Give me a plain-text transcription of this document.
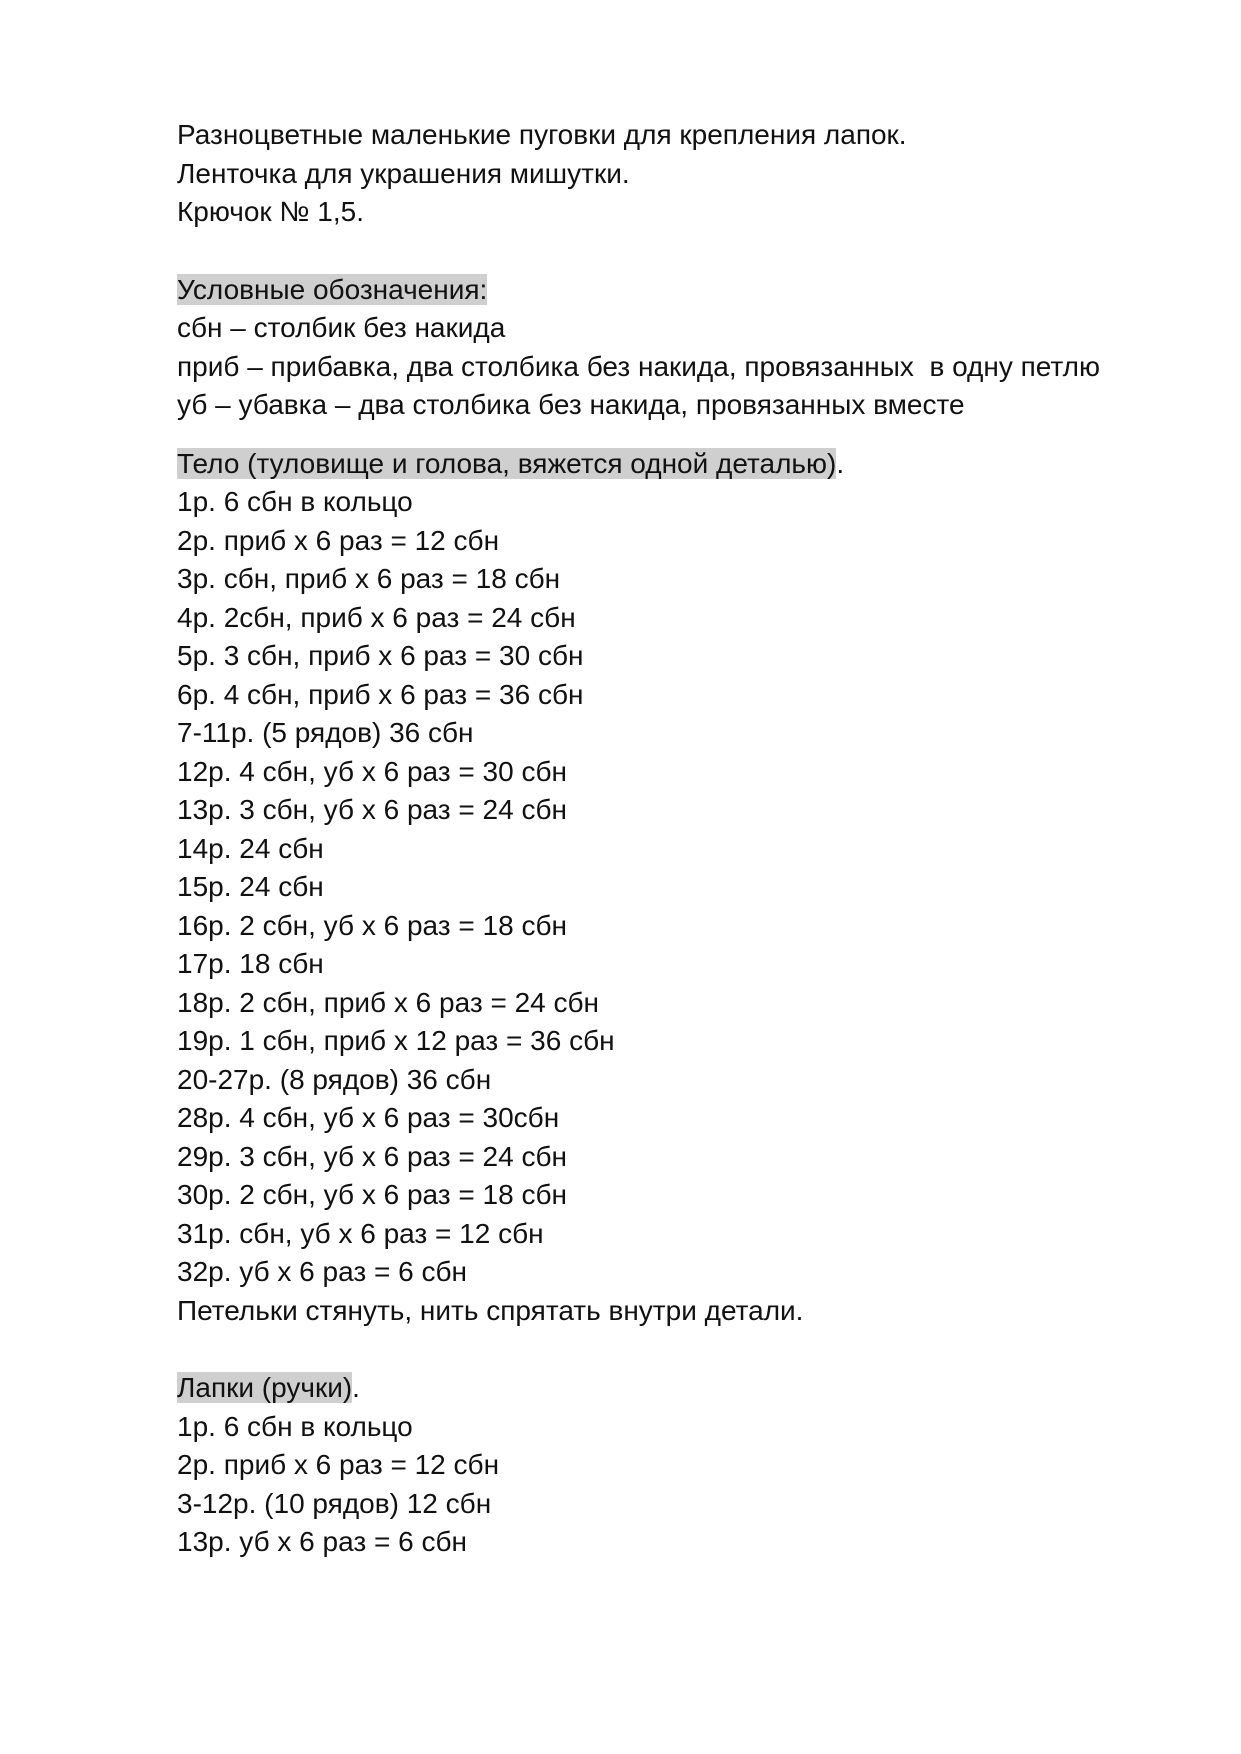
Разноцветные маленькие пуговки для крепления лапок.
Ленточка для украшения мишутки.
Крючок № 1,5.
Условные обозначения:
сбн – столбик без накида
приб – прибавка, два столбика без накида, провязанных  в одну петлю
уб – убавка – два столбика без накида, провязанных вместе
Тело (туловище и голова, вяжется одной деталью).
1р. 6 сбн в кольцо
2р. приб х 6 раз = 12 сбн
3р. сбн, приб х 6 раз = 18 сбн
4р. 2сбн, приб х 6 раз = 24 сбн
5р. 3 сбн, приб х 6 раз = 30 сбн
6р. 4 сбн, приб х 6 раз = 36 сбн
7-11р. (5 рядов) 36 сбн
12р. 4 сбн, уб х 6 раз = 30 сбн
13р. 3 сбн, уб х 6 раз = 24 сбн
14р. 24 сбн
15р. 24 сбн
16р. 2 сбн, уб х 6 раз = 18 сбн
17р. 18 сбн
18р. 2 сбн, приб х 6 раз = 24 сбн
19р. 1 сбн, приб х 12 раз = 36 сбн
20-27р. (8 рядов) 36 сбн
28р. 4 сбн, уб х 6 раз = 30сбн
29р. 3 сбн, уб х 6 раз = 24 сбн
30р. 2 сбн, уб х 6 раз = 18 сбн
31р. сбн, уб х 6 раз = 12 сбн
32р. уб х 6 раз = 6 сбн
Петельки стянуть, нить спрятать внутри детали.
Лапки (ручки).
1р. 6 сбн в кольцо
2р. приб х 6 раз = 12 сбн
3-12р. (10 рядов) 12 сбн
13р. уб х 6 раз = 6 сбн
